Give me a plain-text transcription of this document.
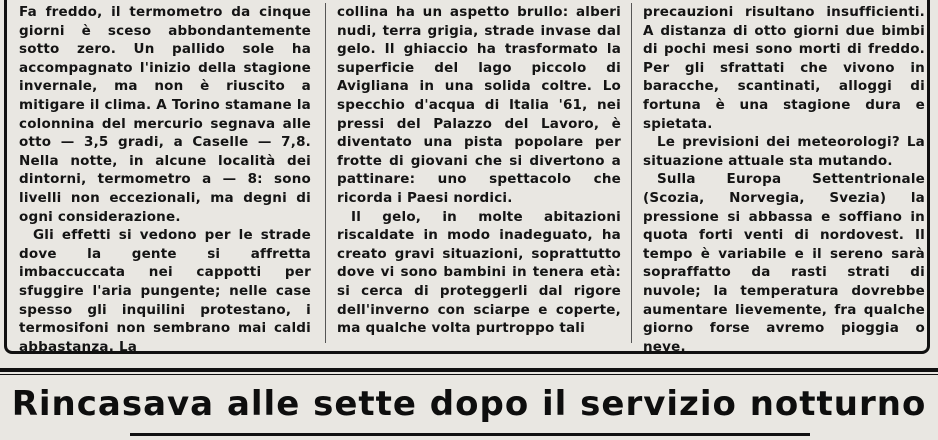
Fa freddo, il termometro da cinque giorni è sceso abbondantemente sotto zero. Un pallido sole ha accompagnato l'inizio della stagione invernale, ma non è riuscito a mitigare il clima. A Torino stamane la colonnina del mercurio segnava alle otto — 3,5 gradi, a Caselle — 7,8. Nella notte, in alcune località dei dintorni, termometro a — 8: sono livelli non eccezionali, ma degni di ogni considerazione.

Gli effetti si vedono per le strade dove la gente si affretta imbaccuccata nei cappotti per sfuggire l'aria pungente; nelle case spesso gli inquilini protestano, i termosifoni non sembrano mai caldi abbastanza. La

collina ha un aspetto brullo: alberi nudi, terra grigia, strade invase dal gelo. Il ghiaccio ha trasformato la superficie del lago piccolo di Avigliana in una solida coltre. Lo specchio d'acqua di Italia '61, nei pressi del Palazzo del Lavoro, è diventato una pista popolare per frotte di giovani che si divertono a pattinare: uno spettacolo che ricorda i Paesi nordici.

Il gelo, in molte abitazioni riscaldate in modo inadeguato, ha creato gravi situazioni, soprattutto dove vi sono bambini in tenera età: si cerca di proteggerli dal rigore dell'inverno con sciarpe e coperte, ma qualche volta purtroppo tali

precauzioni risultano insufficienti. A distanza di otto giorni due bimbi di pochi mesi sono morti di freddo. Per gli sfrattati che vivono in baracche, scantinati, alloggi di fortuna è una stagione dura e spietata.

Le previsioni dei meteorologi? La situazione attuale sta mutando.

Sulla Europa Settentrionale (Scozia, Norvegia, Svezia) la pressione si abbassa e soffiano in quota forti venti di nordovest. Il tempo è variabile e il sereno sarà sopraffatto da rasti strati di nuvole; la temperatura dovrebbe aumentare lievemente, fra qualche giorno forse avremo pioggia o neve.

Rincasava alle sette dopo il servizio notturno
